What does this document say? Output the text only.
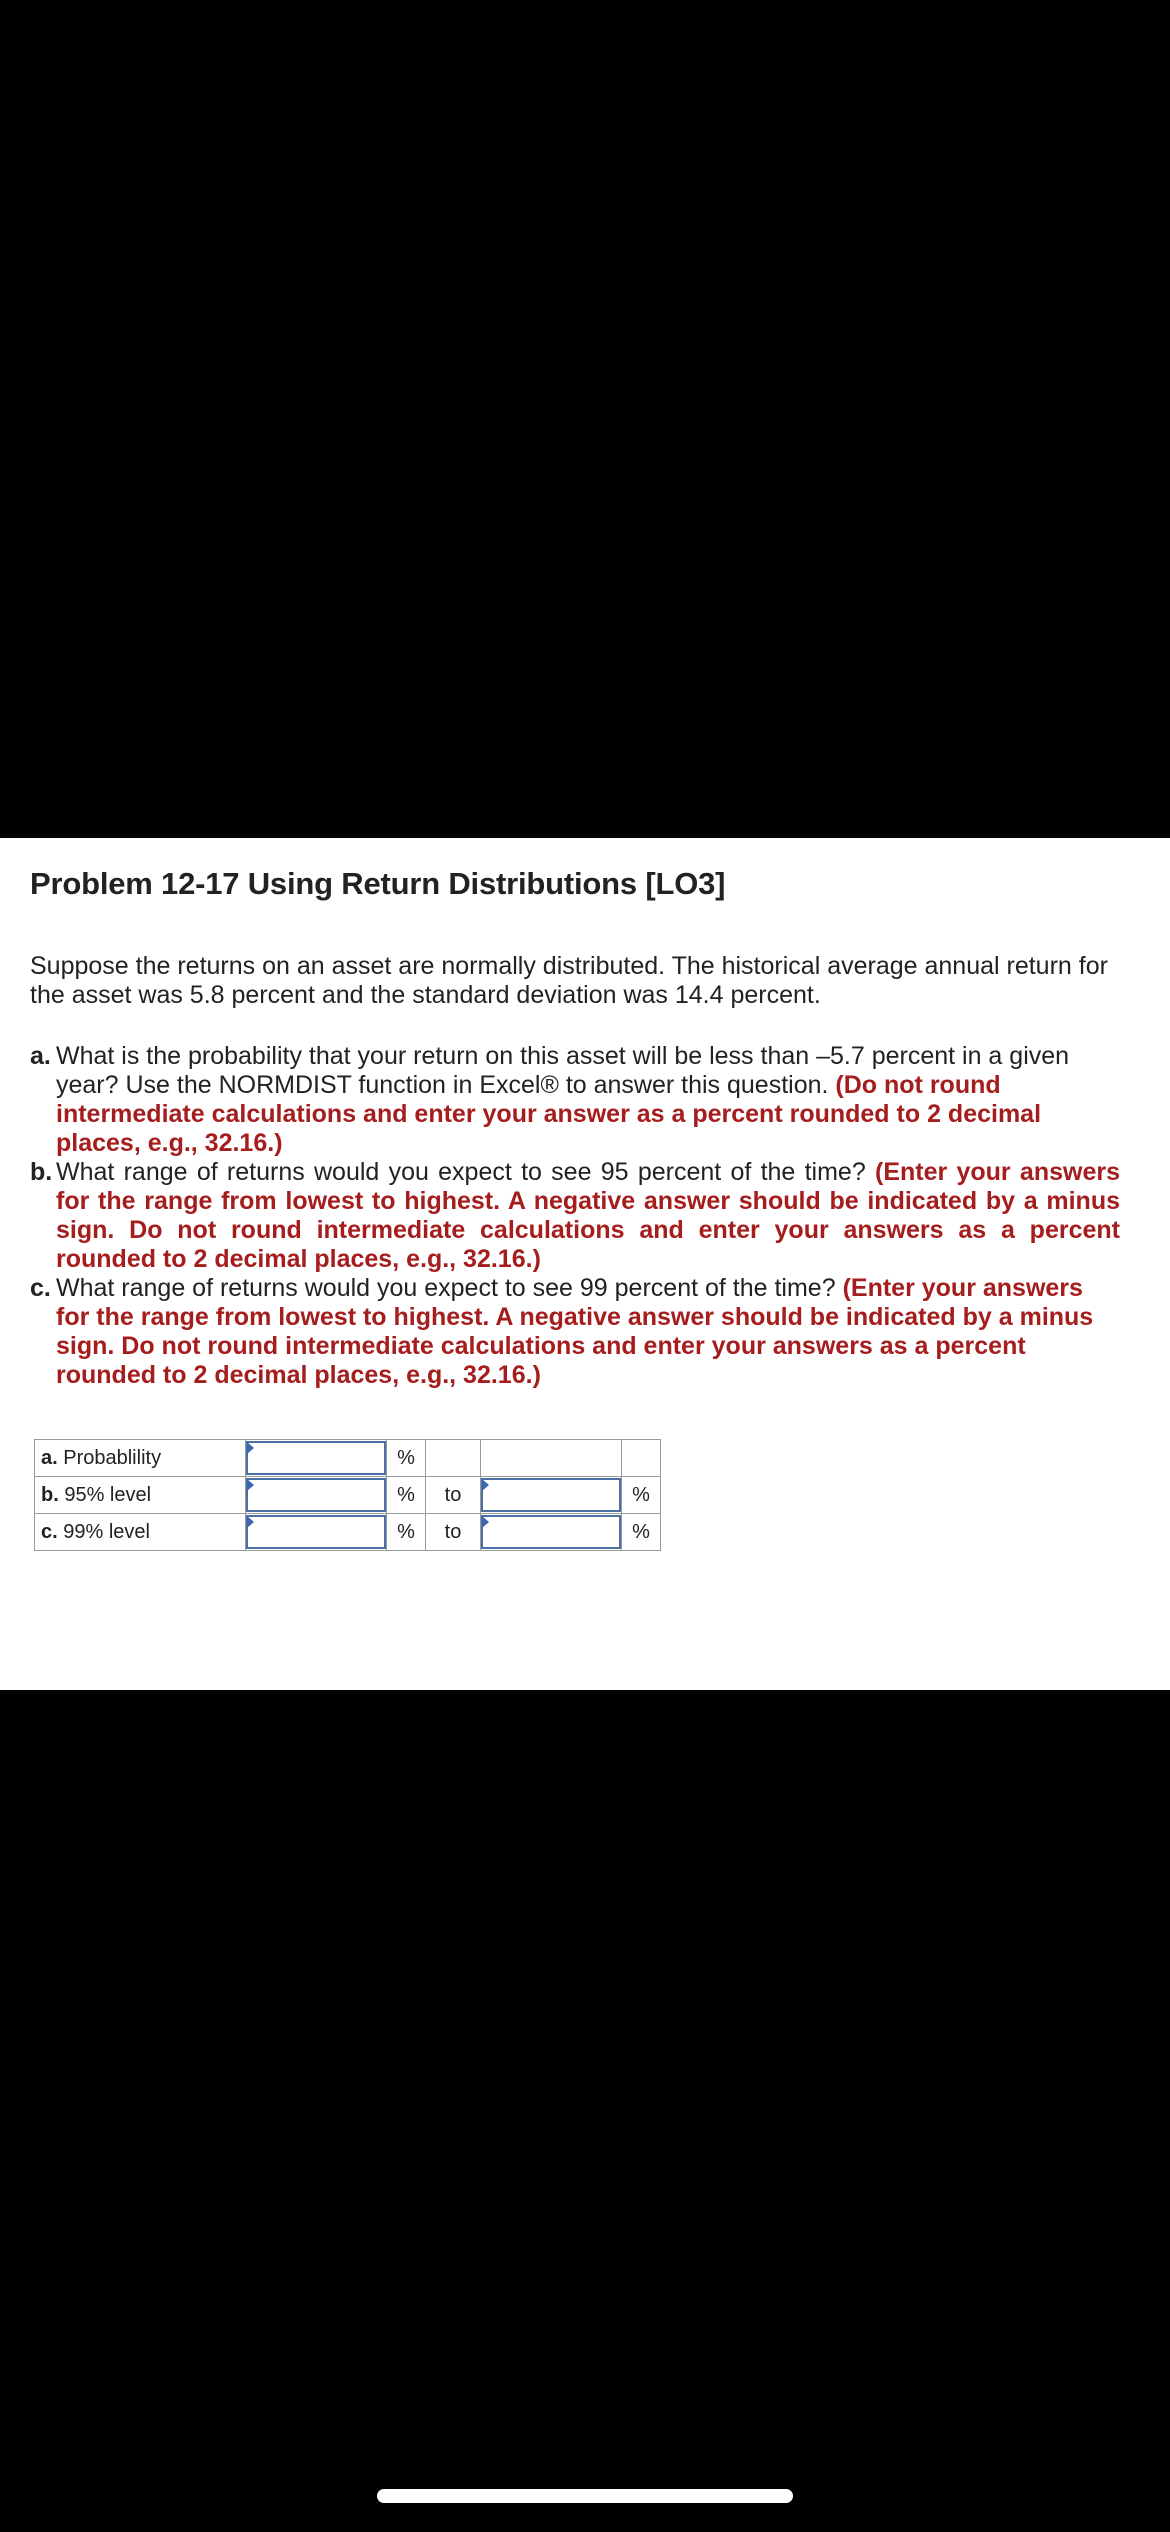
Problem 12-17 Using Return Distributions [LO3]
Suppose the returns on an asset are normally distributed. The historical average annual return for the asset was 5.8 percent and the standard deviation was 14.4 percent.

a. What is the probability that your return on this asset will be less than –5.7 percent in a given year? Use the NORMDIST function in Excel® to answer this question. (Do not round intermediate calculations and enter your answer as a percent rounded to 2 decimal places, e.g., 32.16.)

b. What range of returns would you expect to see 95 percent of the time? (Enter your answers for the range from lowest to highest. A negative answer should be indicated by a minus sign. Do not round intermediate calculations and enter your answers as a percent rounded to 2 decimal places, e.g., 32.16.)

c. What range of returns would you expect to see 99 percent of the time? (Enter your answers for the range from lowest to highest. A negative answer should be indicated by a minus sign. Do not round intermediate calculations and enter your answers as a percent rounded to 2 decimal places, e.g., 32.16.)

a. Probablility		%			
b. 95% level		%	to		%
c. 99% level		%	to		%
